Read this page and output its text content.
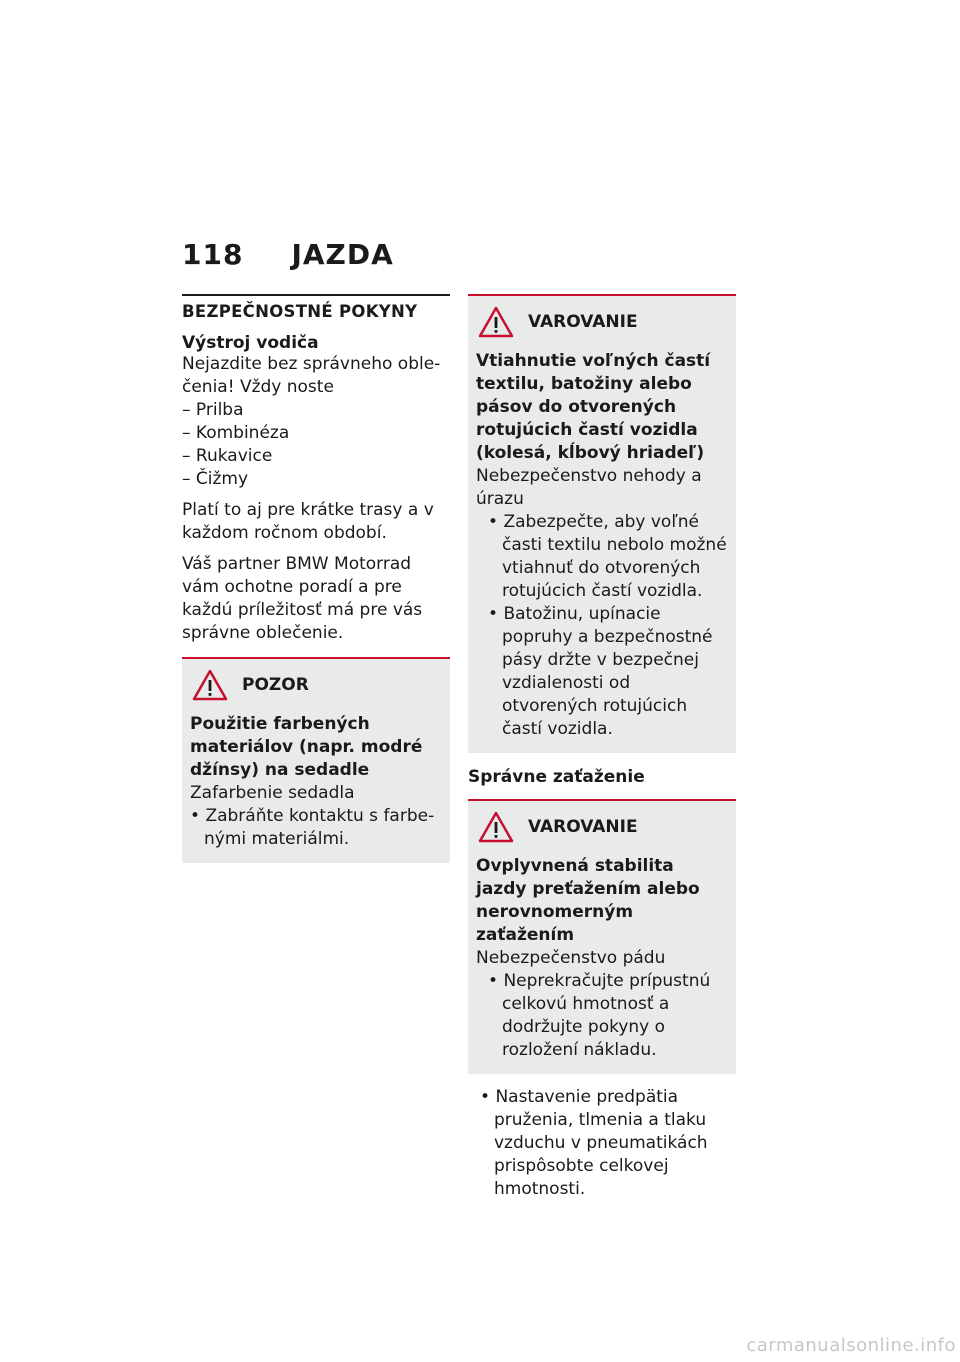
118 JAZDA
BEZPEČNOSTNÉ POKYNY
Výstroj vodiča
Nejazdite bez správneho oblečenia! Vždy noste
– Prilba
– Kombinéza
– Rukavice
– Čižmy
Platí to aj pre krátke trasy a v každom ročnom období.
Váš partner BMW Motorrad vám ochotne poradí a pre každú príležitosť má pre vás správne oblečenie.
POZOR
Použitie farbených materiálov (napr. modré džínsy) na sedadle
Zafarbenie sedadla
• Zabráňte kontaktu s farbenými materiálmi.
VAROVANIE
Vtiahnutie voľných častí textilu, batožiny alebo pásov do otvorených rotujúcich častí vozidla (kolesá, kĺbový hriadeľ)
Nebezpečenstvo nehody a úrazu
• Zabezpečte, aby voľné časti textilu nebolo možné vtiahnuť do otvorených rotujúcich častí vozidla.
• Batožinu, upínacie popruhy a bezpečnostné pásy držte v bezpečnej vzdialenosti od otvorených rotujúcich častí vozidla.
Správne zaťaženie
VAROVANIE
Ovplyvnená stabilita jazdy preťažením alebo nerovnomerným zaťažením
Nebezpečenstvo pádu
• Neprekračujte prípustnú celkovú hmotnosť a dodržujte pokyny o rozložení nákladu.
• Nastavenie predpätia pruženia, tlmenia a tlaku vzduchu v pneumatikách prispôsobte celkovej hmotnosti.
carmanualsonline.info
